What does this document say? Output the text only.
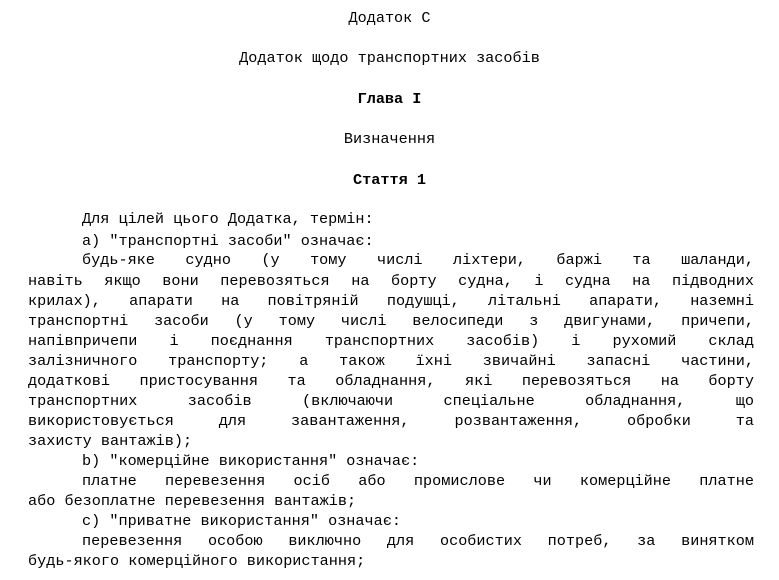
Додаток C
Додаток щодо транспортних засобів
Глава I
Визначення
Стаття 1
Для цілей цього Додатка, термін:
a) "транспортні засоби" означає:
будь-яке судно (у тому числі ліхтери, баржі та шаланди,
навіть якщо вони перевозяться на борту судна, і судна на підводних
крилах), апарати на повітряній подушці, літальні апарати, наземні
транспортні засоби (у тому числі велосипеди з двигунами, причепи,
напівпричепи і поєднання транспортних засобів) і рухомий склад
залізничного транспорту; а також їхні звичайні запасні частини,
додаткові пристосування та обладнання, які перевозяться на борту
транспортних засобів (включаючи спеціальне обладнання, що
використовується для завантаження, розвантаження, обробки та
захисту вантажів);
b) "комерційне використання" означає:
платне перевезення осіб або промислове чи комерційне платне
або безоплатне перевезення вантажів;
c) "приватне використання" означає:
перевезення особою виключно для особистих потреб, за винятком
будь-якого комерційного використання;
